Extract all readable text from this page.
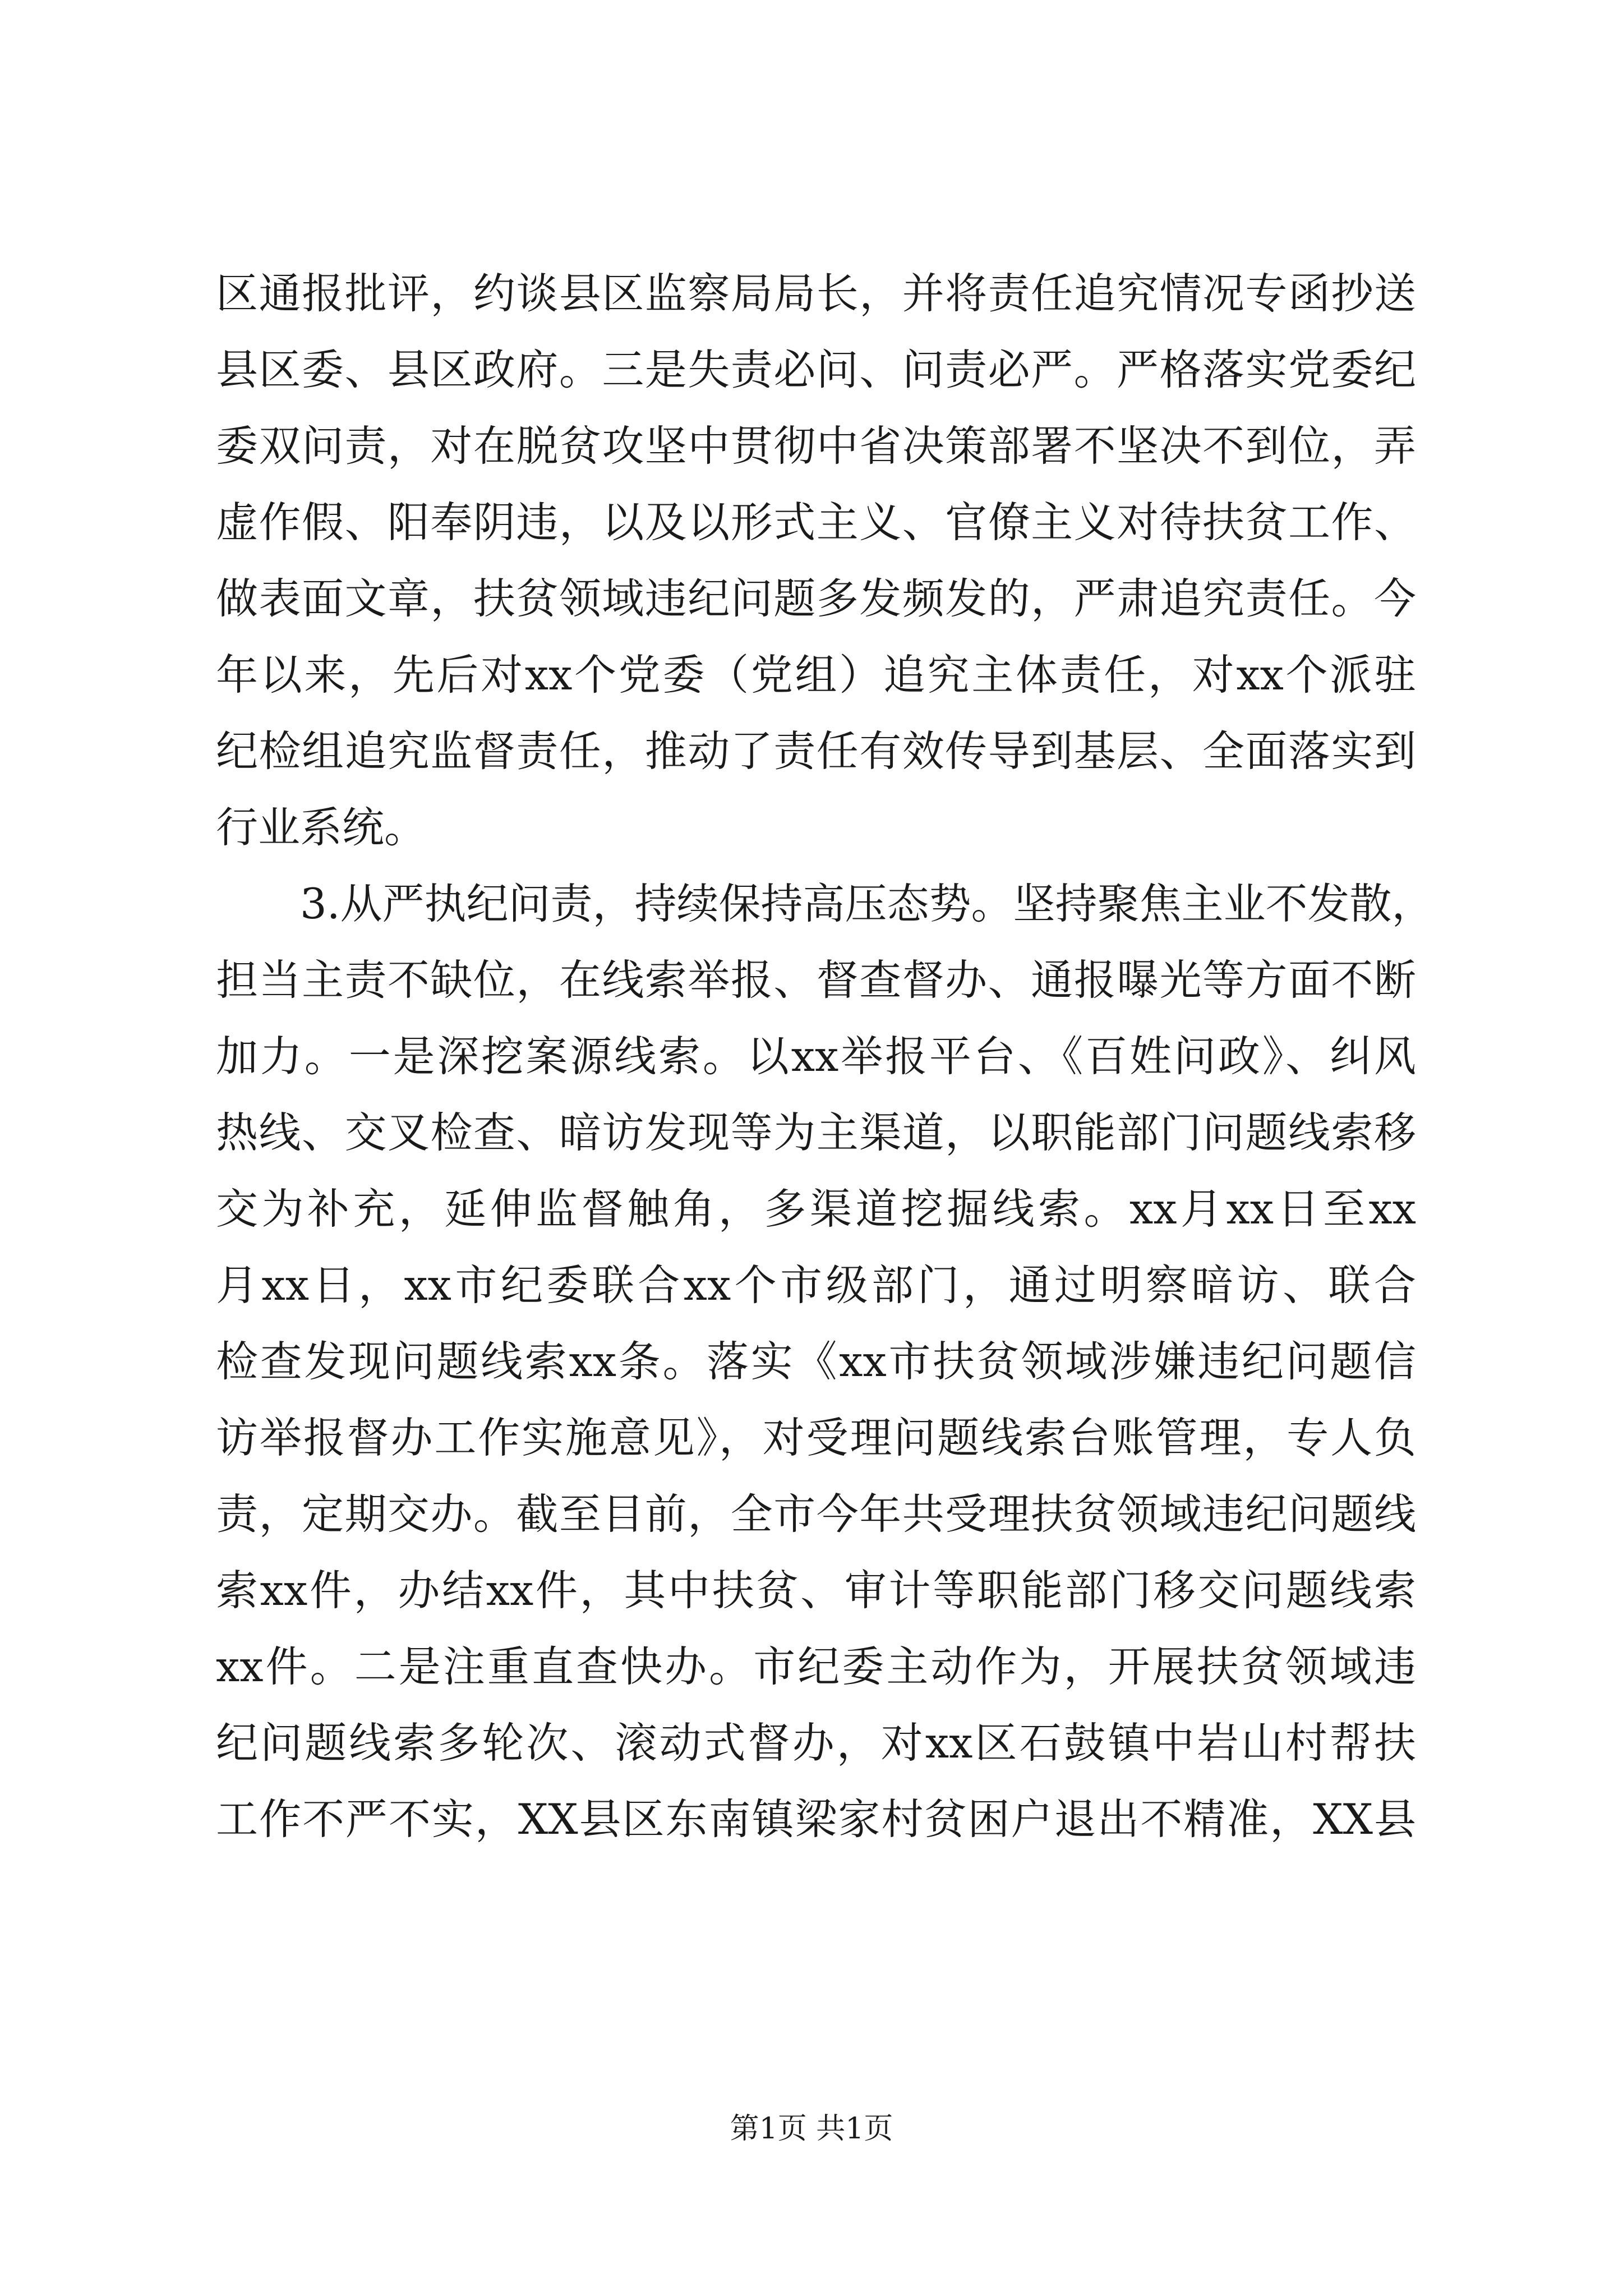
区通报批评，约谈县区监察局局长，并将责任追究情况专函抄送
县区委、县区政府。三是失责必问、问责必严。严格落实党委纪
委双问责，对在脱贫攻坚中贯彻中省决策部署不坚决不到位，弄
虚作假、阳奉阴违，以及以形式主义、官僚主义对待扶贫工作、
做表面文章，扶贫领域违纪问题多发频发的，严肃追究责任。今
年以来，先后对xx个党委（党组）追究主体责任，对xx个派驻
纪检组追究监督责任，推动了责任有效传导到基层、全面落实到
行业系统。
3.从严执纪问责，持续保持高压态势。坚持聚焦主业不发散，
担当主责不缺位，在线索举报、督查督办、通报曝光等方面不断
加力。一是深挖案源线索。以xx举报平台、《百姓问政》、纠风
热线、交叉检查、暗访发现等为主渠道，以职能部门问题线索移
交为补充，延伸监督触角，多渠道挖掘线索。xx月xx日至xx
月xx日，xx市纪委联合xx个市级部门，通过明察暗访、联合
检查发现问题线索xx条。落实《xx市扶贫领域涉嫌违纪问题信
访举报督办工作实施意见》，对受理问题线索台账管理，专人负
责，定期交办。截至目前，全市今年共受理扶贫领域违纪问题线
索xx件，办结xx件，其中扶贫、审计等职能部门移交问题线索
xx件。二是注重直查快办。市纪委主动作为，开展扶贫领域违
纪问题线索多轮次、滚动式督办，对xx区石鼓镇中岩山村帮扶
工作不严不实，XX县区东南镇梁家村贫困户退出不精准，XX县
第1页 共1页
